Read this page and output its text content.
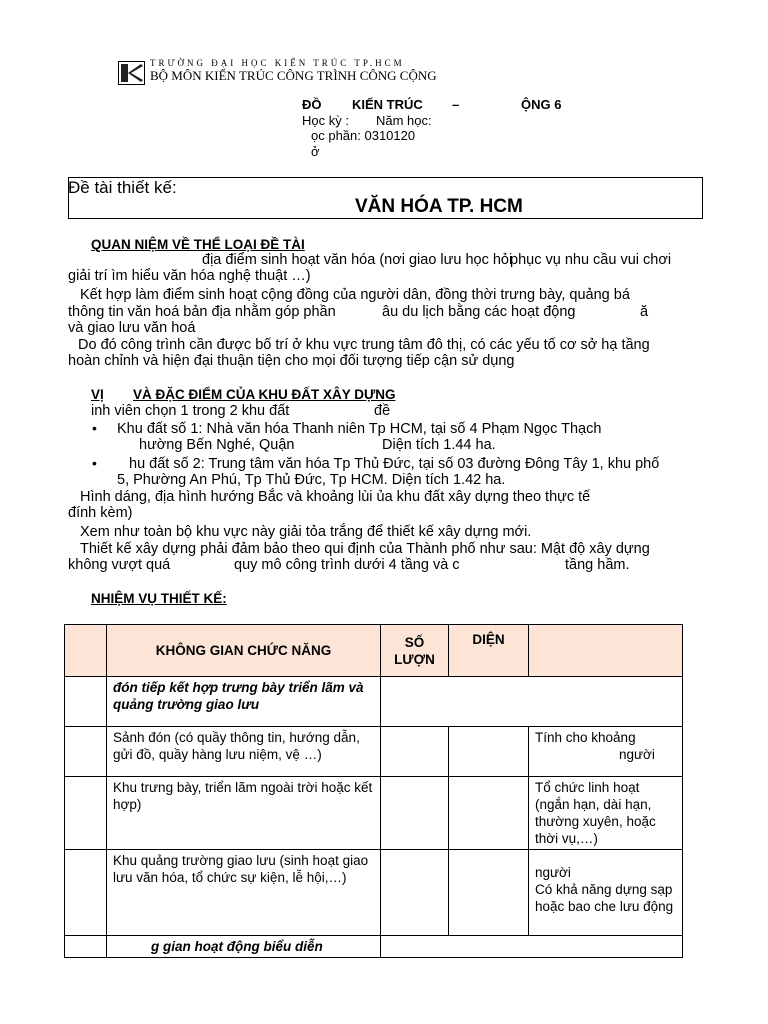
TRƯỜNG ĐẠI HỌC KIẾN TRÚC TP.HCM
BỘ MÔN KIẾN TRÚC CÔNG TRÌNH CÔNG CỘNG
ĐỒ KIẾN TRÚC –	ỘNG 6
Học kỳ : Năm học:
ọc phần: 0310120
ở
Đề tài thiết kế:
VĂN HÓA TP. HCM
QUAN NIỆM VỀ THỂ LOẠI ĐỀ TÀI
địa điểm sinh hoạt văn hóa (nơi giao lưu học hỏi
phục vụ nhu cầu vui chơi
giải trí ìm hiểu văn hóa nghệ thuật …)
Kết hợp làm điểm sinh hoạt cộng đồng của người dân, đồng thời trưng bày, quảng bá
thông tin văn hoá bản địa nhằm góp phần	âu du lịch bằng các hoạt động	ă
và giao lưu văn hoá
Do đó công trình cần được bố trí ở khu vực trung tâm đô thị, có các yếu tố cơ sở hạ tầng
hoàn chỉnh và hiện đại thuận tiện cho mọi đối tượng tiếp cận sử dụng
VỊ VÀ ĐẶC ĐIỂM CỦA KHU ĐẤT XÂY DỰNG
inh viên chọn 1 trong 2 khu đất	đề
• Khu đất số 1: Nhà văn hóa Thanh niên Tp HCM, tại số 4 Phạm Ngọc Thạch
hường Bến Nghé, Quận	Diện tích 1.44 ha.
• hu đất số 2: Trung tâm văn hóa Tp Thủ Đức, tại số 03 đường Đông Tây 1, khu phố
5, Phường An Phú, Tp Thủ Đức, Tp HCM. Diện tích 1.42 ha.
Hình dáng, địa hình hướng Bắc và khoảng lùi ủa khu đất xây dựng theo thực tế
đính kèm)
Xem như toàn bộ khu vực này giải tỏa trắng để thiết kế xây dựng mới.
Thiết kế xây dựng phải đảm bảo theo qui định của Thành phố như sau: Mật độ xây dựng
không vượt quá	quy mô công trình dưới 4 tầng và c	tầng hầm.
NHIỆM VỤ THIẾT KẾ:
	KHÔNG GIAN CHỨC NĂNG	SỐ LƯỢN	DIỆN	
	đón tiếp kết hợp trưng bày triển lãm và quảng trường giao lưu			
	Sảnh đón (có quầy thông tin, hướng dẫn, gửi đồ, quầy hàng lưu niệm, vệ …)			Tính cho khoảng
người

	Khu trưng bày, triển lãm ngoài trời hoặc kết hợp)			Tổ chức linh hoạt (ngắn hạn, dài hạn, thường xuyên, hoặc thời vụ,…)
	Khu quảng trường giao lưu (sinh hoạt giao lưu văn hóa, tổ chức sự kiện, lễ hội,…)			người
Có khả năng dựng sạp hoặc bao che lưu động

	g gian hoạt động biểu diễn			
